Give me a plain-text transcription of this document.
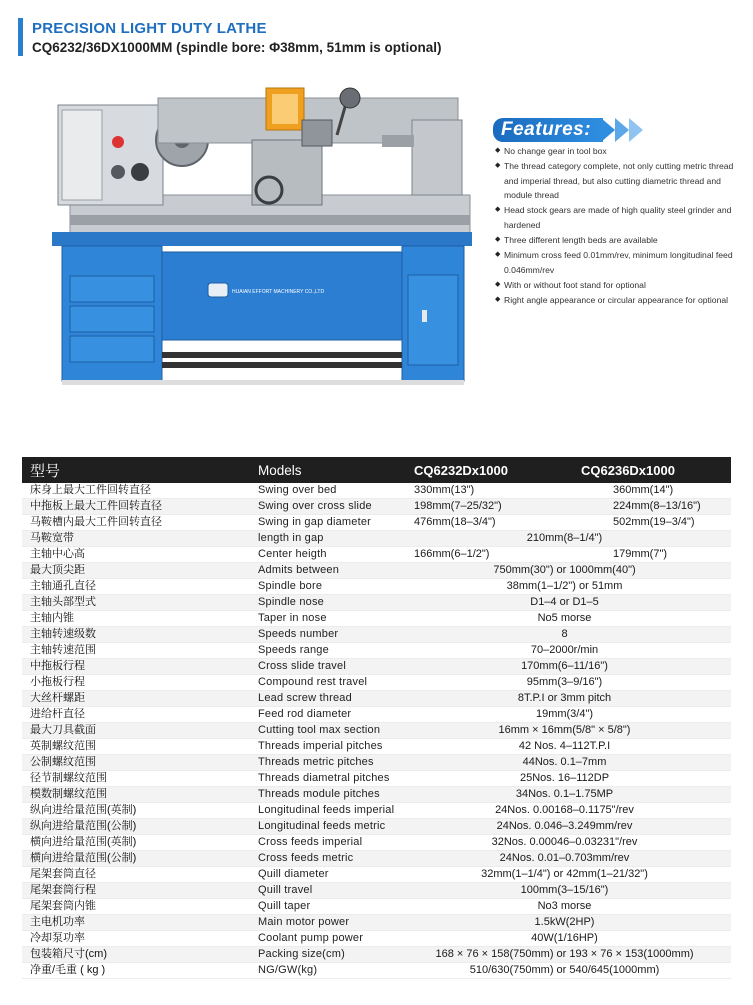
PRECISION LIGHT DUTY LATHE
CQ6232/36DX1000MM (spindle bore: Φ38mm, 51mm is optional)
HUAIAN EFFORT MACHINERY CO.,LTD
Features:
◆ No change gear in tool box
◆ The thread category complete, not only cutting metric thread and imperial thread, but also cutting diametric thread and module thread
◆ Head stock gears are made of high quality steel grinder and hardened
◆ Three different length beds are available
◆ Minimum cross feed 0.01mm/rev, minimum longitudinal feed 0.046mm/rev
◆ With or without foot stand for optional
◆ Right angle appearance or circular appearance for optional
型号	Models	CQ6232Dx1000	CQ6236Dx1000
床身上最大工件回转直径	Swing over bed	330mm(13")	360mm(14")
中拖板上最大工件回转直径	Swing over cross slide	198mm(7–25/32")	224mm(8–13/16")
马鞍槽内最大工件回转直径	Swing in gap diameter	476mm(18–3/4")	502mm(19–3/4")
马鞍宽带	length in gap	210mm(8–1/4")	
主轴中心高	Center heigth	166mm(6–1/2")	179mm(7")
最大顶尖距	Admits between	750mm(30") or 1000mm(40")	
主轴通孔直径	Spindle bore	38mm(1–1/2") or 51mm	
主轴头部型式	Spindle nose	D1–4 or D1–5	
主轴内锥	Taper in nose	No5 morse	
主轴转速级数	Speeds number	8	
主轴转速范围	Speeds range	70–2000r/min	
中拖板行程	Cross slide travel	170mm(6–11/16")	
小拖板行程	Compound rest travel	95mm(3–9/16")	
大丝杆螺距	Lead screw thread	8T.P.I or 3mm pitch	
进给杆直径	Feed rod diameter	19mm(3/4")	
最大刀具截面	Cutting tool max section	16mm × 16mm(5/8" × 5/8")	
英制螺纹范围	Threads imperial pitches	42 Nos. 4–112T.P.I	
公制螺纹范围	Threads metric pitches	44Nos. 0.1–7mm	
径节制螺纹范围	Threads diametral pitches	25Nos. 16–112DP	
模数制螺纹范围	Threads module pitches	34Nos. 0.1–1.75MP	
纵向进给量范围(英制)	Longitudinal feeds imperial	24Nos. 0.00168–0.1175"/rev	
纵向进给量范围(公制)	Longitudinal feeds metric	24Nos. 0.046–3.249mm/rev	
横向进给量范围(英制)	Cross feeds imperial	32Nos. 0.00046–0.03231"/rev	
横向进给量范围(公制)	Cross feeds metric	24Nos. 0.01–0.703mm/rev	
尾架套筒直径	Quill diameter	32mm(1–1/4") or 42mm(1–21/32")	
尾架套筒行程	Quill travel	100mm(3–15/16")	
尾架套筒内锥	Quill taper	No3 morse	
主电机功率	Main motor power	1.5kW(2HP)	
冷却泵功率	Coolant pump power	40W(1/16HP)	
包装箱尺寸(cm)	Packing size(cm)	168 × 76 × 158(750mm) or 193 × 76 × 153(1000mm)	
净重/毛重 ( kg )	NG/GW(kg)	510/630(750mm) or 540/645(1000mm)	
